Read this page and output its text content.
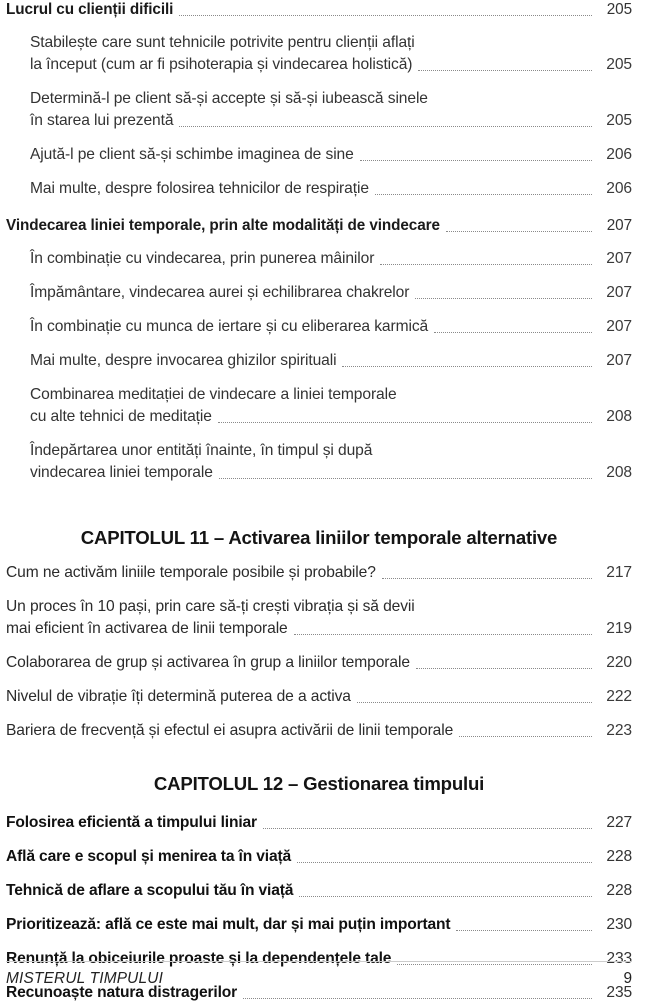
Lucrul cu clienții dificili	205
Stabilește care sunt tehnicile potrivite pentru clienții aflați
la început (cum ar fi psihoterapia și vindecarea holistică)	205
Determină-l pe client să-și accepte și să-și iubească sinele
în starea lui prezentă	205
Ajută-l pe client să-și schimbe imaginea de sine	206
Mai multe, despre folosirea tehnicilor de respirație	206
Vindecarea liniei temporale, prin alte modalități de vindecare	207
În combinație cu vindecarea, prin punerea mâinilor	207
Împământare, vindecarea aurei și echilibrarea chakrelor	207
În combinație cu munca de iertare și cu eliberarea karmică	207
Mai multe, despre invocarea ghizilor spirituali	207
Combinarea meditației de vindecare a liniei temporale
cu alte tehnici de meditație	208
Îndepărtarea unor entități înainte, în timpul și după
vindecarea liniei temporale	208
CAPITOLUL 11 – Activarea liniilor temporale alternative
Cum ne activăm liniile temporale posibile și probabile?	217
Un proces în 10 pași, prin care să-ți crești vibrația și să devii
mai eficient în activarea de linii temporale	219
Colaborarea de grup și activarea în grup a liniilor temporale	220
Nivelul de vibrație îți determină puterea de a activa	222
Bariera de frecvență și efectul ei asupra activării de linii temporale	223
CAPITOLUL 12 – Gestionarea timpului
Folosirea eficientă a timpului liniar	227
Află care e scopul și menirea ta în viață	228
Tehnică de aflare a scopului tău în viață	228
Prioritizează: află ce este mai mult, dar și mai puțin important	230
Renunță la obiceiurile proaste și la dependențele tale	233
Recunoaște natura distragerilor	235
MISTERUL TIMPULUI	9
